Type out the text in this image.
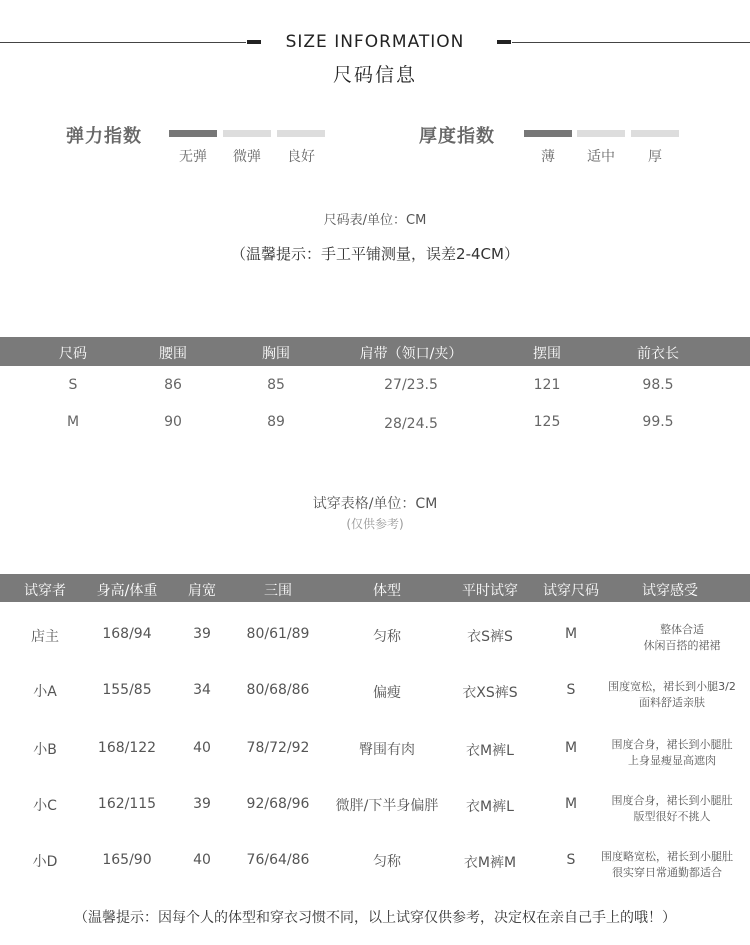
SIZE INFORMATION
尺码信息
弹力指数
无弹	微弹	良好
厚度指数
薄	适中	厚
尺码表/单位：CM
（温馨提示：手工平铺测量，误差2-4CM）
尺码	腰围	胸围	肩带（领口/夹）	摆围	前衣长
S	86	85	27/23.5	121	98.5
M	90	89	28/24.5	125	99.5
试穿表格/单位：CM
(仅供参考)
试穿者 身高/体重 肩宽	三围	体型	平时试穿 试穿尺码	试穿感受
店主	168/94	39	80/61/89	匀称	衣S裤S	M	整体合适
休闲百搭的裙裙
小A	155/85	34	80/68/86	偏瘦	衣XS裤S	S	围度宽松，裙长到小腿3/2
面料舒适亲肤
小B	168/122	40	78/72/92	臀围有肉	衣M裤L	M	围度合身，裙长到小腿肚
上身显瘦显高遮肉
小C	162/115	39	92/68/96 微胖/下半身偏胖 衣M裤L	M	围度合身，裙长到小腿肚
版型很好不挑人
小D	165/90	40	76/64/86	匀称	衣M裤M	S 围度略宽松，裙长到小腿肚
很实穿日常通勤都适合
（温馨提示：因每个人的体型和穿衣习惯不同，以上试穿仅供参考，决定权在亲自己手上的哦！）
